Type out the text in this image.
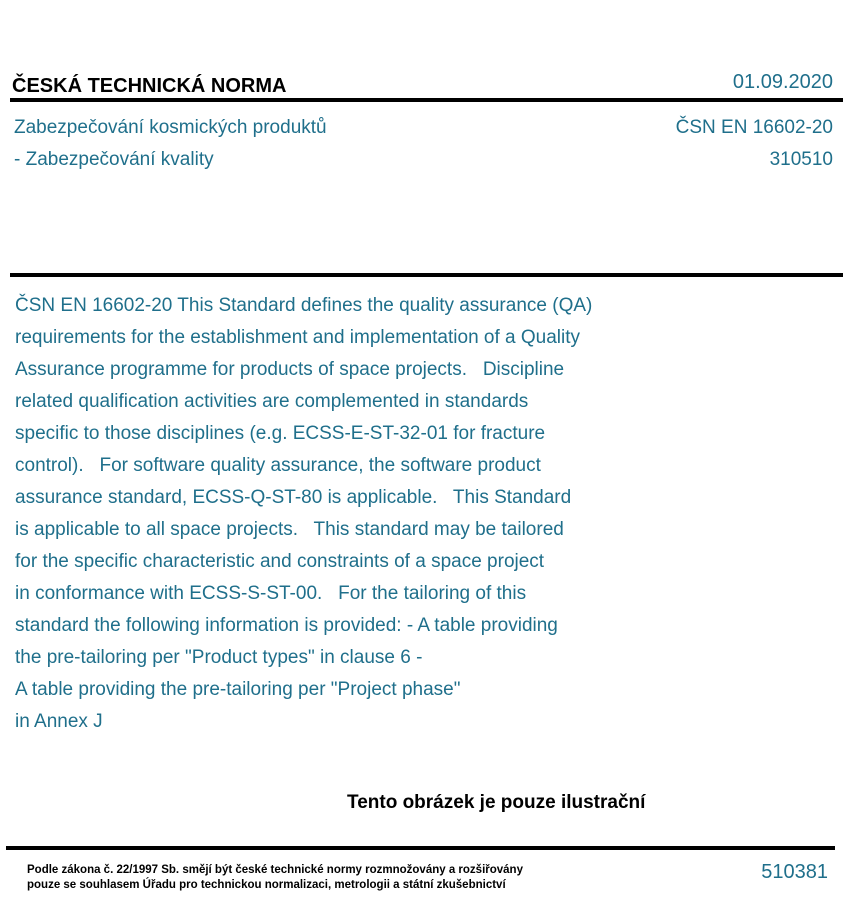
ČESKÁ TECHNICKÁ NORMA	01.09.2020
Zabezpečování kosmických produktů
- Zabezpečování kvality
ČSN EN 16602-20
310510
ČSN EN 16602-20 This Standard defines the quality assurance (QA)
requirements for the establishment and implementation of a Quality
Assurance programme for products of space projects.   Discipline
related qualification activities are complemented in standards
specific to those disciplines (e.g. ECSS-E-ST-32-01 for fracture
control).   For software quality assurance, the software product
assurance standard, ECSS-Q-ST-80 is applicable.   This Standard
is applicable to all space projects.   This standard may be tailored
for the specific characteristic and constraints of a space project
in conformance with ECSS-S-ST-00.   For the tailoring of this
standard the following information is provided: - A table providing
the pre-tailoring per "Product types" in clause 6 -
A table providing the pre-tailoring per "Project phase"
in Annex J
Tento obrázek je pouze ilustrační
Podle zákona č. 22/1997 Sb. smějí být české technické normy rozmnožovány a rozšiřovány
pouze se souhlasem Úřadu pro technickou normalizaci, metrologii a státní zkušebnictví
510381
